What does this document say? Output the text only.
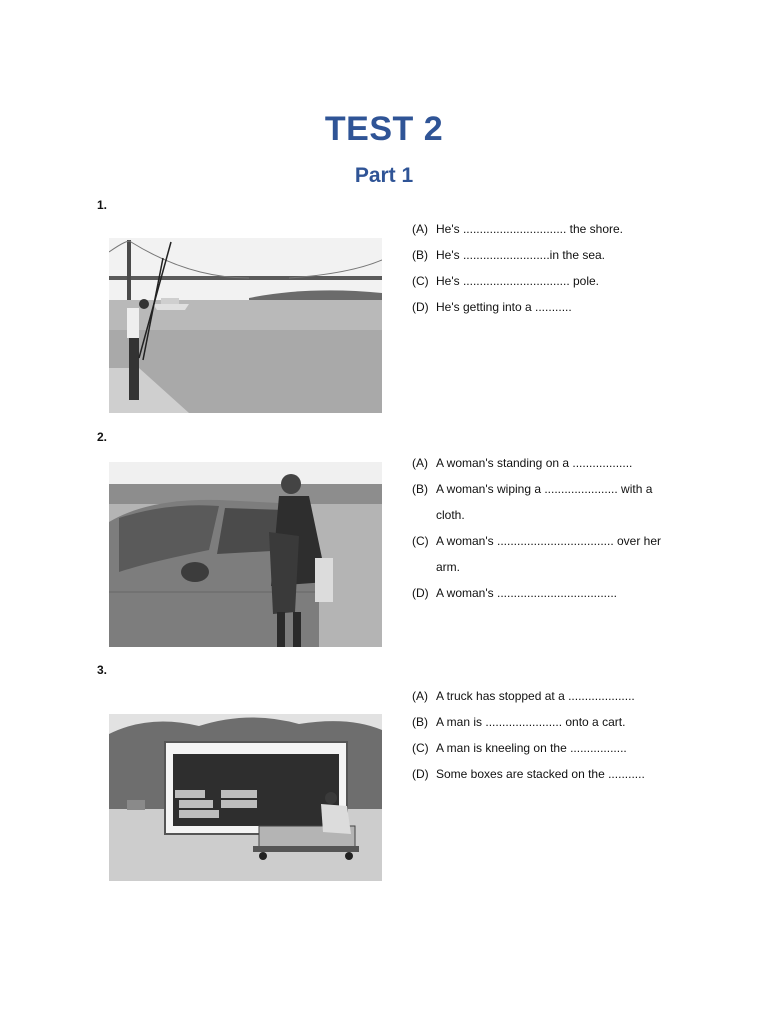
TEST 2
Part 1
1.
(A) He's ............................... the shore.
(B) He's ..........................in the sea.
(C) He's ................................ pole.
(D) He's getting into a ...........
2.
(A) A woman's standing on a ..................
(B) A woman's wiping a ...................... with a cloth.
(C) A woman's ................................... over her arm.
(D) A woman's ....................................
3.
(A) A truck has stopped at a ....................
(B) A man is ....................... onto a cart.
(C) A man is kneeling on the .................
(D) Some boxes are stacked on the ...........
